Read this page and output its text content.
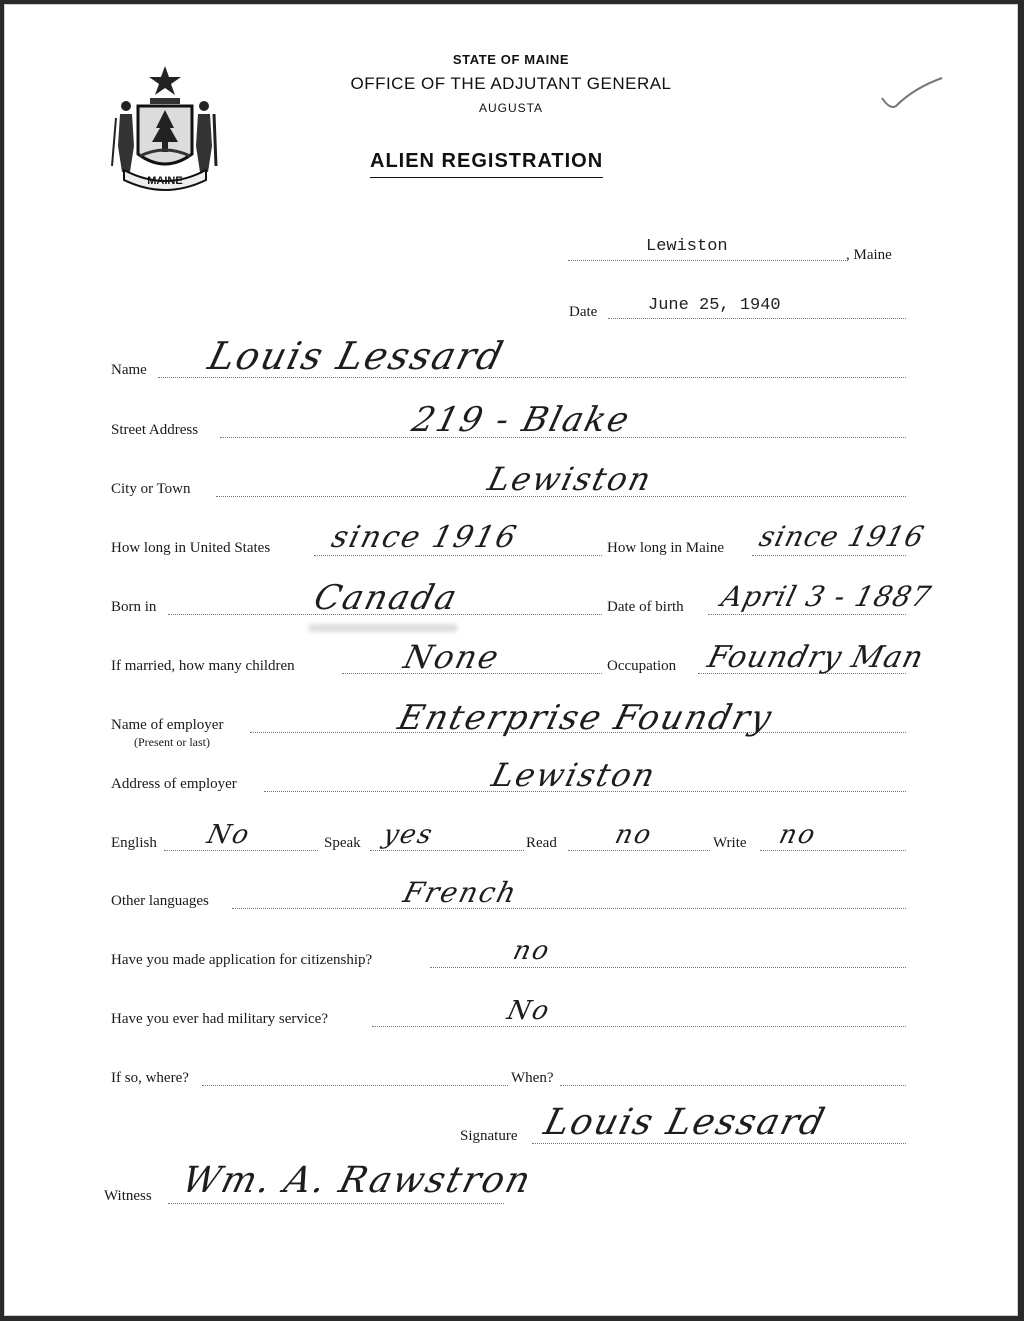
MAINE
STATE OF MAINE
OFFICE OF THE ADJUTANT GENERAL
AUGUSTA
ALIEN REGISTRATION
Lewiston	, Maine
Date	June 25, 1940
Name Louis Lessard
Street Address	219 - Blake
City or Town	Lewiston
How long in United States since 1916	How long in Maine since 1916
Born in	Canada	Date of birth April 3 - 1887
If married, how many children	None	Occupation Foundry Man
Name of employer
(Present or last)
Enterprise Foundry
Address of employer	Lewiston
English No	Speak yes	Read no	Write no
Other languages	French
Have you made application for citizenship?	no
Have you ever had military service?	No
If so, where?	When?
Signature Louis Lessard
Witness Wm. A. Rawstron
